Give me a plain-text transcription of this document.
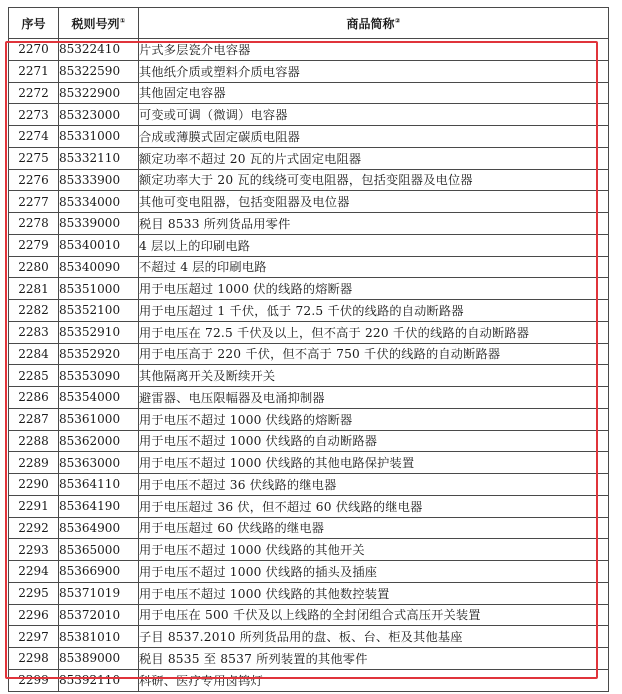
序号	税则号列①	商品简称②
2270	85322410	片式多层瓷介电容器
2271	85322590	其他纸介质或塑料介质电容器
2272	85322900	其他固定电容器
2273	85323000	可变或可调（微调）电容器
2274	85331000	合成或薄膜式固定碳质电阻器
2275	85332110	额定功率不超过 20 瓦的片式固定电阻器
2276	85333900	额定功率大于 20 瓦的线绕可变电阻器，包括变阻器及电位器
2277	85334000	其他可变电阻器，包括变阻器及电位器
2278	85339000	税目 8533 所列货品用零件
2279	85340010	4 层以上的印刷电路
2280	85340090	不超过 4 层的印刷电路
2281	85351000	用于电压超过 1000 伏的线路的熔断器
2282	85352100	用于电压超过 1 千伏，低于 72.5 千伏的线路的自动断路器
2283	85352910	用于电压在 72.5 千伏及以上，但不高于 220 千伏的线路的自动断路器
2284	85352920	用于电压高于 220 千伏，但不高于 750 千伏的线路的自动断路器
2285	85353090	其他隔离开关及断续开关
2286	85354000	避雷器、电压限幅器及电涌抑制器
2287	85361000	用于电压不超过 1000 伏线路的熔断器
2288	85362000	用于电压不超过 1000 伏线路的自动断路器
2289	85363000	用于电压不超过 1000 伏线路的其他电路保护装置
2290	85364110	用于电压不超过 36 伏线路的继电器
2291	85364190	用于电压超过 36 伏，但不超过 60 伏线路的继电器
2292	85364900	用于电压超过 60 伏线路的继电器
2293	85365000	用于电压不超过 1000 伏线路的其他开关
2294	85366900	用于电压不超过 1000 伏线路的插头及插座
2295	85371019	用于电压不超过 1000 伏线路的其他数控装置
2296	85372010	用于电压在 500 千伏及以上线路的全封闭组合式高压开关装置
2297	85381010	子目 8537.2010 所列货品用的盘、板、台、柜及其他基座
2298	85389000	税目 8535 至 8537 所列装置的其他零件
2299	85392110	科研、医疗专用卤钨灯
